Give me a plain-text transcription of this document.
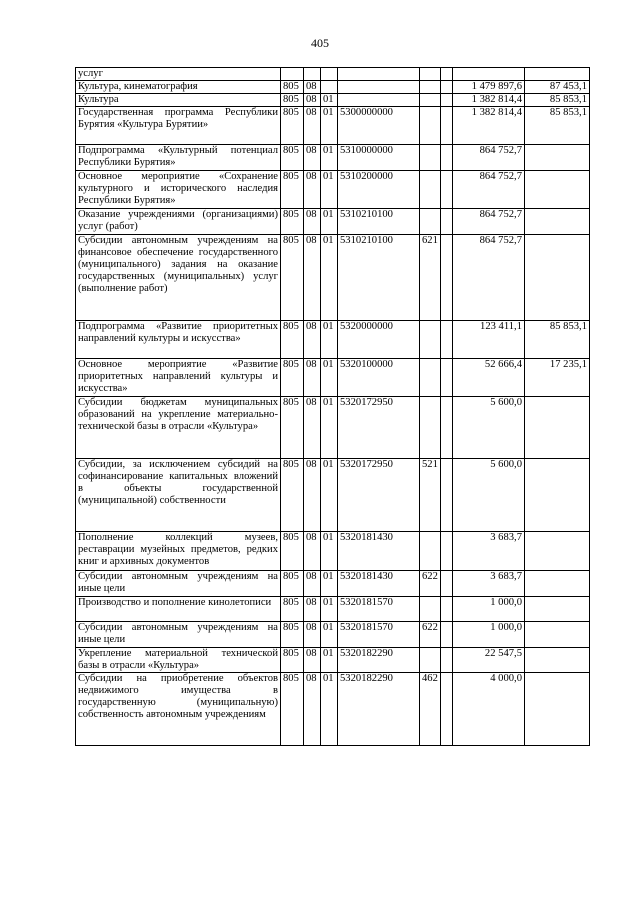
405
услуг								
Культура, кинематография	805	08					1 479 897,6	87 453,1
Культура	805	08	01				1 382 814,4	85 853,1
Государственная программа Республики Бурятия «Культура Бурятии»	805	08	01	5300000000			1 382 814,4	85 853,1
Подпрограмма «Культурный потенциал Республики Бурятия»	805	08	01	5310000000			864 752,7	
Основное мероприятие «Сохранение культурного и исторического наследия Республики Бурятия»	805	08	01	5310200000			864 752,7	
Оказание учреждениями (организациями) услуг (работ)	805	08	01	5310210100			864 752,7	
Субсидии автономным учреждениям на финансовое обеспечение государственного (муниципального) задания на оказание государственных (муниципальных) услуг (выполнение работ)	805	08	01	5310210100	621		864 752,7	
Подпрограмма «Развитие приоритетных направлений культуры и искусства»	805	08	01	5320000000			123 411,1	85 853,1
Основное мероприятие «Развитие приоритетных направлений культуры и искусства»	805	08	01	5320100000			52 666,4	17 235,1
Субсидии бюджетам муниципальных образований на укрепление материально-технической базы в отрасли «Культура»	805	08	01	5320172950			5 600,0	
Субсидии, за исключением субсидий на софинансирование капитальных вложений в объекты государственной (муниципальной) собственности	805	08	01	5320172950	521		5 600,0	
Пополнение коллекций музеев, реставрации музейных предметов, редких книг и архивных документов	805	08	01	5320181430			3 683,7	
Субсидии автономным учреждениям на иные цели	805	08	01	5320181430	622		3 683,7	
Производство и пополнение кинолетописи	805	08	01	5320181570			1 000,0	
Субсидии автономным учреждениям на иные цели	805	08	01	5320181570	622		1 000,0	
Укрепление материальной технической базы в отрасли «Культура»	805	08	01	5320182290			22 547,5	
Субсидии на приобретение объектов недвижимого имущества в государственную (муниципальную) собственность автономным учреждениям	805	08	01	5320182290	462		4 000,0	
